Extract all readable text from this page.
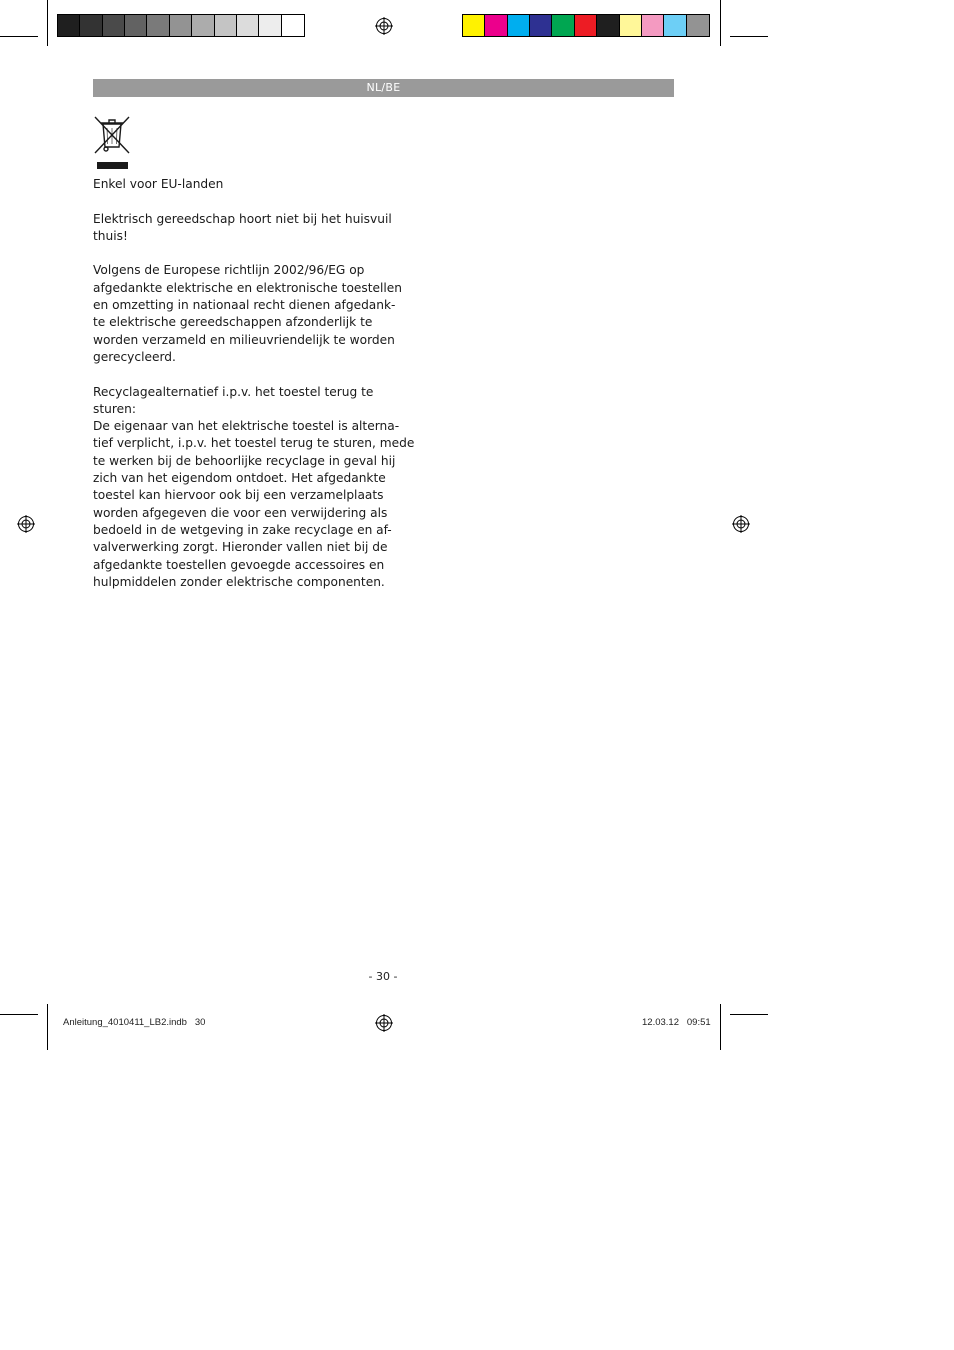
NL/BE
Enkel voor EU-landen
Elektrisch gereedschap hoort niet bij het huisvuil
thuis!
Volgens de Europese richtlijn 2002/96/EG op
afgedankte elektrische en elektronische toestellen
en omzetting in nationaal recht dienen afgedank-
te elektrische gereedschappen afzonderlijk te
worden verzameld en milieuvriendelijk te worden
gerecycleerd.
Recyclagealternatief i.p.v. het toestel terug te
sturen:
De eigenaar van het elektrische toestel is alterna-
tief verplicht, i.p.v. het toestel terug te sturen, mede
te werken bij de behoorlijke recyclage in geval hij
zich van het eigendom ontdoet. Het afgedankte
toestel kan hiervoor ook bij een verzamelplaats
worden afgegeven die voor een verwijdering als
bedoeld in de wetgeving in zake recyclage en af-
valverwerking zorgt. Hieronder vallen niet bij de
afgedankte toestellen gevoegde accessoires en
hulpmiddelen zonder elektrische componenten.
- 30 -
Anleitung_4010411_LB2.indb   30	12.03.12   09:51
